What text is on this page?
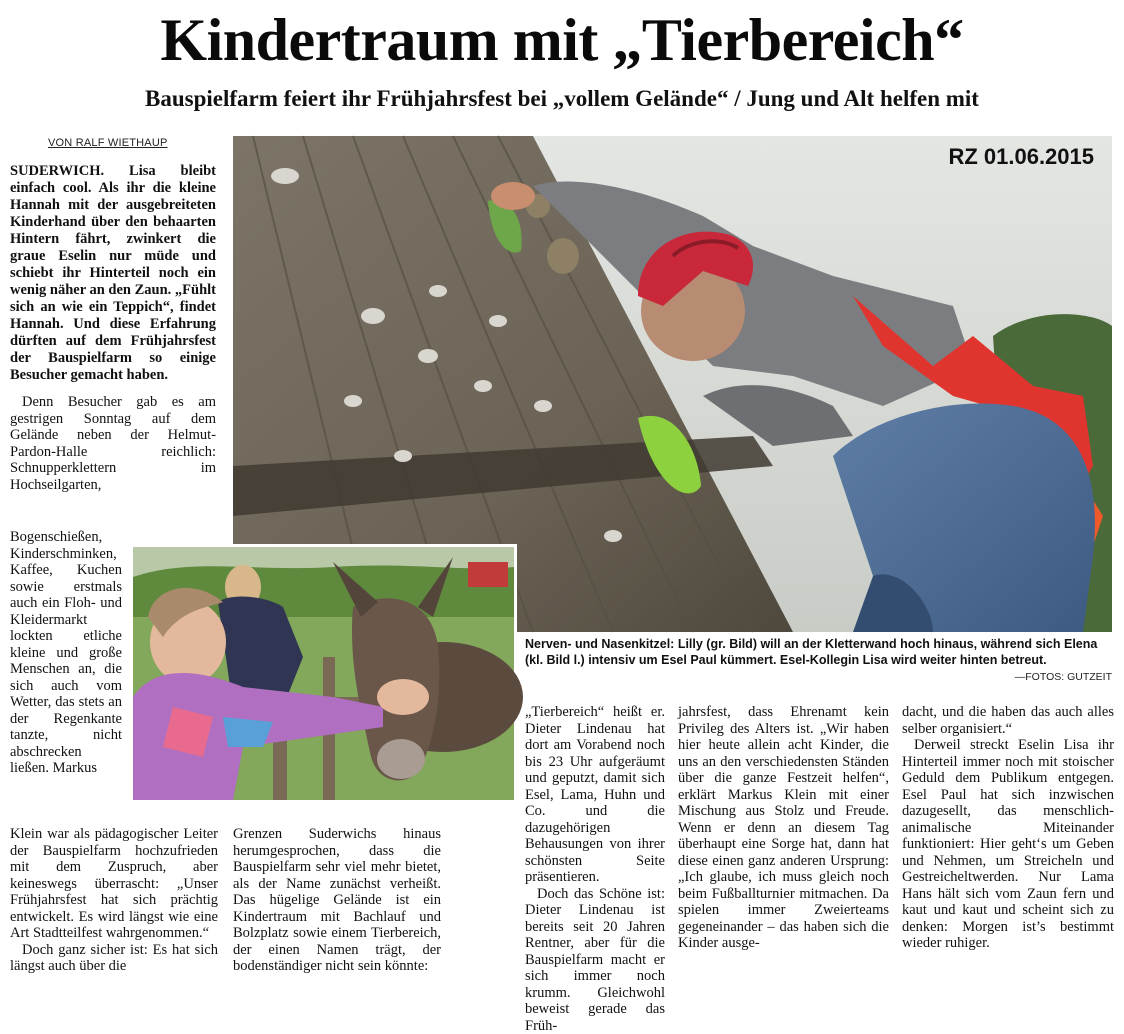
Kindertraum mit „Tierbereich“
Bauspielfarm feiert ihr Frühjahrsfest bei „vollem Gelände“ / Jung und Alt helfen mit
VON RALF WIETHAUP

SUDERWICH. Lisa bleibt einfach cool. Als ihr die kleine Hannah mit der ausgebreiteten Kinderhand über den behaarten Hintern fährt, zwinkert die graue Eselin nur müde und schiebt ihr Hinterteil noch ein wenig näher an den Zaun. „Fühlt sich an wie ein Teppich“, findet Hannah. Und diese Erfahrung dürften auf dem Frühjahrsfest der Bauspielfarm so einige Besucher gemacht haben.

Denn Besucher gab es am gestrigen Sonntag auf dem Gelände neben der Helmut-Pardon-Halle reichlich: Schnupperklettern im Hochseilgarten,

Bogenschießen, Kinderschminken, Kaffee, Kuchen sowie erstmals auch ein Floh- und Kleidermarkt lockten etliche kleine und große Menschen an, die sich auch vom Wetter, das stets an der Regenkante tanzte, nicht abschrecken ließen. Markus

Klein war als pädagogischer Leiter der Bauspielfarm hochzufrieden mit dem Zuspruch, aber keineswegs überrascht: „Unser Frühjahrsfest hat sich prächtig entwickelt. Es wird längst wie eine Art Stadtteilfest wahrgenommen.“

Doch ganz sicher ist: Es hat sich längst auch über die

Grenzen Suderwichs hinaus herumgesprochen, dass die Bauspielfarm sehr viel mehr bietet, als der Name zunächst verheißt. Das hügelige Gelände ist ein Kindertraum mit Bachlauf und Bolzplatz sowie einem Tierbereich, der einen Namen trägt, der bodenständiger nicht sein könnte:

„Tierbereich“ heißt er. Dieter Lindenau hat dort am Vorabend noch bis 23 Uhr aufgeräumt und geputzt, damit sich Esel, Lama, Huhn und Co. und die dazugehörigen Behausungen von ihrer schönsten Seite präsentieren.

Doch das Schöne ist: Dieter Lindenau ist bereits seit 20 Jahren Rentner, aber für die Bauspielfarm macht er sich immer noch krumm. Gleichwohl beweist gerade das Früh-

jahrsfest, dass Ehrenamt kein Privileg des Alters ist. „Wir haben hier heute allein acht Kinder, die uns an den verschiedensten Ständen über die ganze Festzeit helfen“, erklärt Markus Klein mit einer Mischung aus Stolz und Freude. Wenn er denn an diesem Tag überhaupt eine Sorge hat, dann hat diese einen ganz anderen Ursprung: „Ich glaube, ich muss gleich noch beim Fußballturnier mitmachen. Da spielen immer Zweierteams gegeneinander – das haben sich die Kinder ausge-

dacht, und die haben das auch alles selber organisiert.“

Derweil streckt Eselin Lisa ihr Hinterteil immer noch mit stoischer Geduld dem Publikum entgegen. Esel Paul hat sich inzwischen dazugesellt, das menschlich-animalische Miteinander funktioniert: Hier geht‘s um Geben und Nehmen, um Streicheln und Gestreicheltwerden. Nur Lama Hans hält sich vom Zaun fern und kaut und kaut und scheint sich zu denken: Morgen ist’s bestimmt wieder ruhiger.

RZ 01.06.2015
Nerven- und Nasenkitzel: Lilly (gr. Bild) will an der Kletterwand hoch hinaus, während sich Elena (kl. Bild l.) intensiv um Esel Paul kümmert. Esel-Kollegin Lisa wird weiter hinten betreut.
—FOTOS: GUTZEIT
